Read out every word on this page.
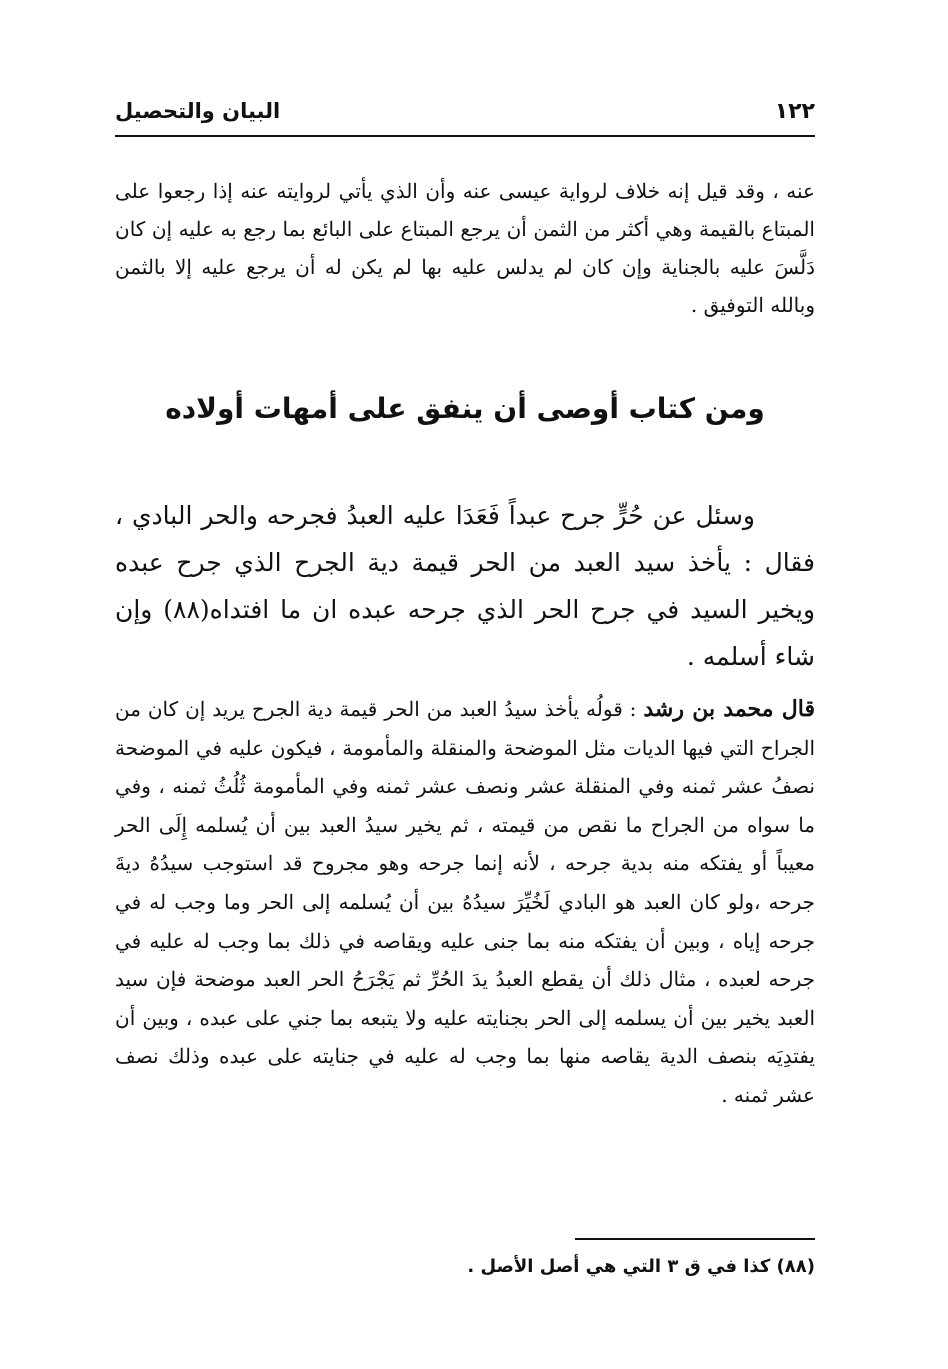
١٢٢
البيان والتحصيل

عنه ، وقد قيل إنه خلاف لرواية عيسى عنه وأن الذي يأتي لروايته عنه إذا رجعوا على المبتاع بالقيمة وهي أكثر من الثمن أن يرجع المبتاع على البائع بما رجع به عليه إن كان دَلَّسَ عليه بالجناية وإن كان لم يدلس عليه بها لم يكن له أن يرجع عليه إلا بالثمن وبالله التوفيق .

ومن كتاب أوصى أن ينفق على أمهات أولاده

وسئل عن حُرٍّ جرح عبداً فَعَدَا عليه العبدُ فجرحه والحر البادي ، فقال : يأخذ سيد العبد من الحر قيمة دية الجرح الذي جرح عبده ويخير السيد في جرح الحر الذي جرحه عبده ان ما افتداه(٨٨) وإن شاء أسلمه .

قال محمد بن رشد : قولُه يأخذ سيدُ العبد من الحر قيمة دية الجرح يريد إن كان من الجراح التي فيها الديات مثل الموضحة والمنقلة والمأمومة ، فيكون عليه في الموضحة نصفُ عشر ثمنه وفي المنقلة عشر ونصف عشر ثمنه وفي المأمومة ثُلُثُ ثمنه ، وفي ما سواه من الجراح ما نقص من قيمته ، ثم يخير سيدُ العبد بين أن يُسلمه إِلَى الحر معيباً أو يفتكه منه بدية جرحه ، لأنه إنما جرحه وهو مجروح قد استوجب سيدُهُ ديةَ جرحه ،ولو كان العبد هو البادي لَخُيِّرَ سيدُهُ بين أن يُسلمه إلى الحر وما وجب له في جرحه إياه ، وبين أن يفتكه منه بما جنى عليه ويقاصه في ذلك بما وجب له عليه في جرحه لعبده ، مثال ذلك أن يقطع العبدُ يدَ الحُرِّ ثم يَجْرَحُ الحر العبد موضحة فإن سيد العبد يخير بين أن يسلمه إلى الحر بجنايته عليه ولا يتبعه بما جني على عبده ، وبين أن يفتدِيَه بنصف الدية يقاصه منها بما وجب له عليه في جنايته على عبده وذلك نصف عشر ثمنه .

(٨٨) كذا في ق ٣ التي هي أصل الأصل .
